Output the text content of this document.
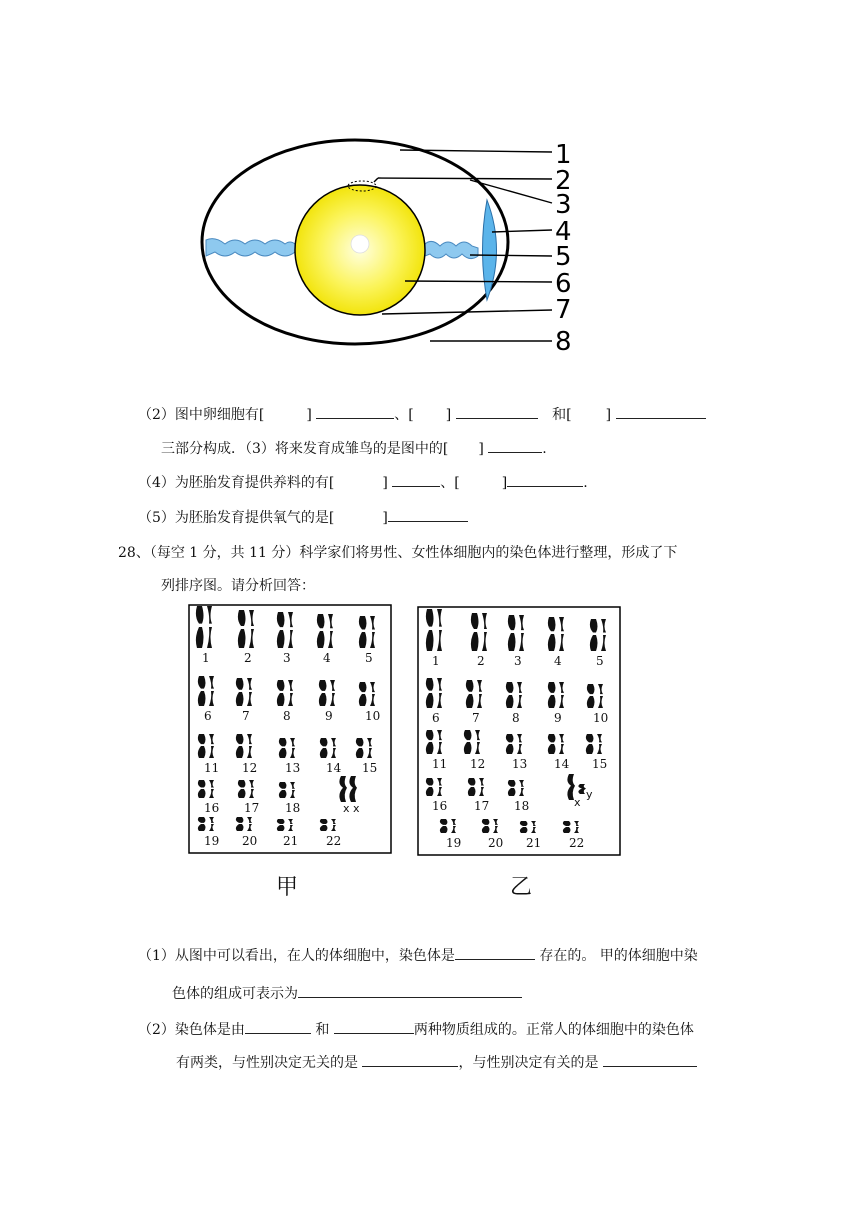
1
2
3
4
5
6
7
8
（2）图中卵细胞有[	]	、[ ]	和[ ]
三部分构成．（3）将来发育成雏鸟的是图中的[ ]	.
（4）为胚胎发育提供养料的有[	]	、[	]	.
（5）为胚胎发育提供氧气的是[	]
28、（每空 1 分，共 11 分）科学家们将男性、女性体细胞内的染色体进行整理，形成了下
列排序图。请分析回答：
1	2	3	4	5
6	7	8	9	10
11 12 13 14 15
16 17 18
19 20 21 22
1	2 3	4	5
6	7	8	9	10
11 12 13 14 15
16 17 18
19 20 21 22
x x	x
y
甲	乙
（1）从图中可以看出，在人的体细胞中，染色体是	存在的。 甲的体细胞中染
色体的组成可表示为
（2）染色体是由	和	两种物质组成的。正常人的体细胞中的染色体
有两类，与性别决定无关的是	，与性别决定有关的是
